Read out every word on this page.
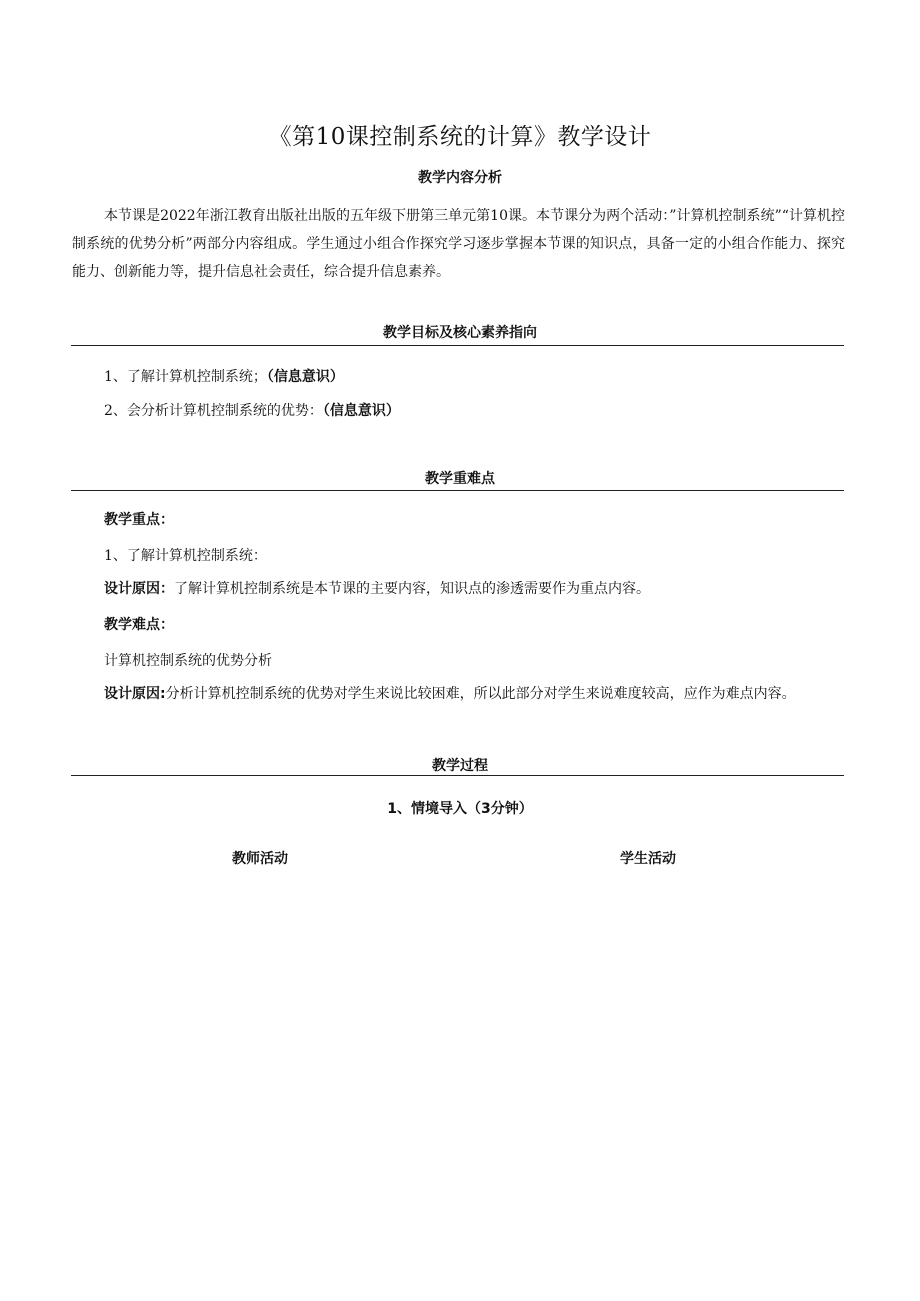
《第10课控制系统的计算》教学设计
教学内容分析

本节课是2022年浙江教育出版社出版的五年级下册第三单元第10课。本节课分为两个活动：”计算机控制系统”“计算机控制系统的优势分析”两部分内容组成。学生通过小组合作探究学习逐步掌握本节课的知识点，具备一定的小组合作能力、探究能力、创新能力等，提升信息社会责任，综合提升信息素养。

教学目标及核心素养指向
1、了解计算机控制系统；（信息意识）
2、会分析计算机控制系统的优势：（信息意识）
教学重难点
教学重点：
1、了解计算机控制系统：
设计原因：了解计算机控制系统是本节课的主要内容，知识点的渗透需要作为重点内容。
教学难点：
计算机控制系统的优势分析

设计原因:分析计算机控制系统的优势对学生来说比较困难，所以此部分对学生来说难度较高，应作为难点内容。

教学过程
1、情境导入（3分钟）
教师活动	学生活动
